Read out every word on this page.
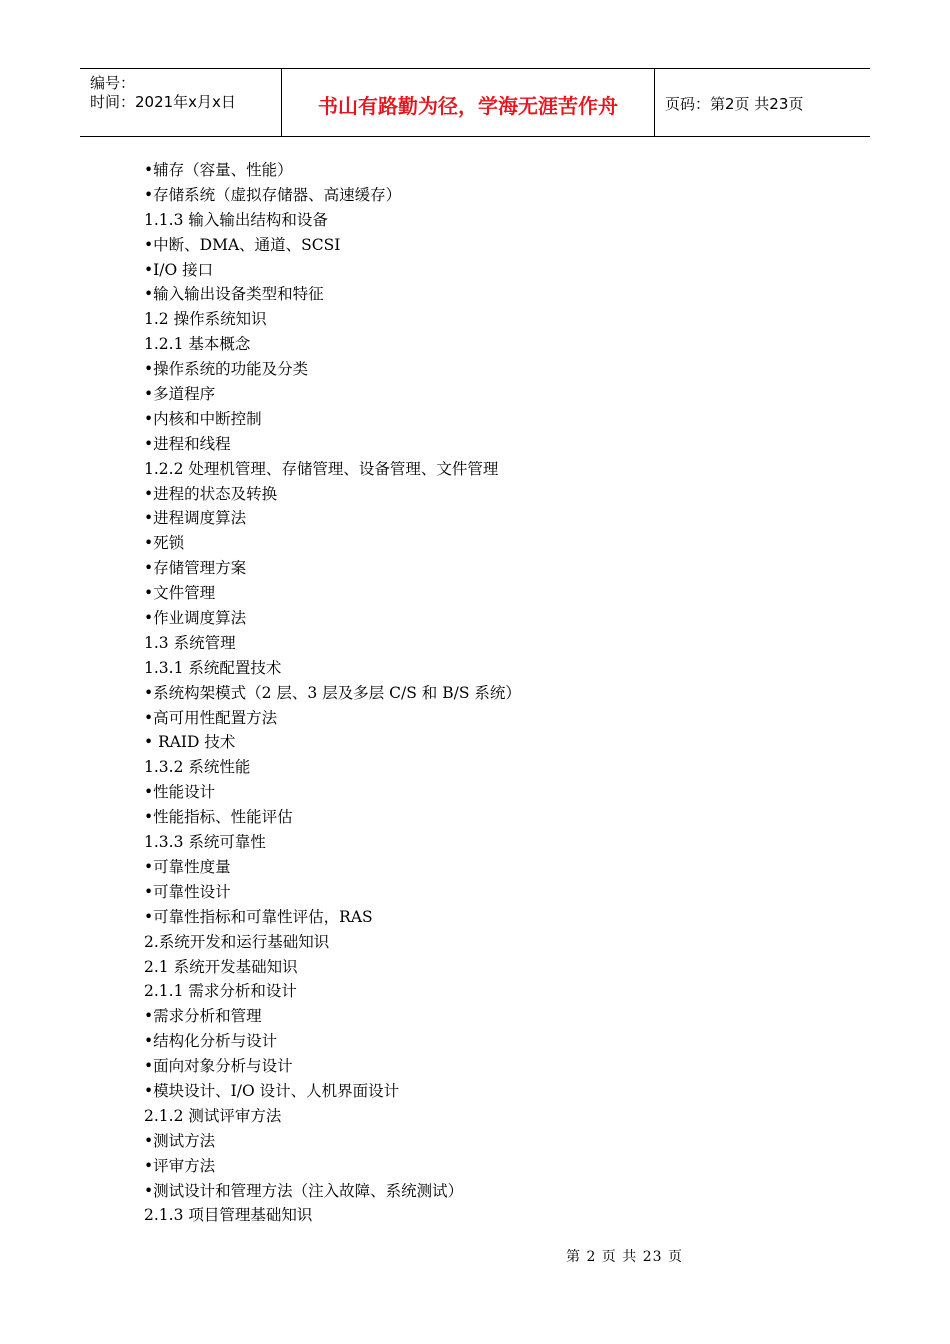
编号：
时间：2021年x月x日	书山有路勤为径，学海无涯苦作舟	页码：第2页 共23页
•辅存（容量、性能）
•存储系统（虚拟存储器、高速缓存）
1.1.3 输入输出结构和设备
•中断、DMA、通道、SCSI
•I/O 接口
•输入输出设备类型和特征
1.2 操作系统知识
1.2.1 基本概念
•操作系统的功能及分类
•多道程序
•内核和中断控制
•进程和线程
1.2.2 处理机管理、存储管理、设备管理、文件管理
•进程的状态及转换
•进程调度算法
•死锁
•存储管理方案
•文件管理
•作业调度算法
1.3 系统管理
1.3.1 系统配置技术
•系统构架模式（2 层、3 层及多层 C/S 和 B/S 系统）
•高可用性配置方法
• RAID 技术
1.3.2 系统性能
•性能设计
•性能指标、性能评估
1.3.3 系统可靠性
•可靠性度量
•可靠性设计
•可靠性指标和可靠性评估，RAS
2.系统开发和运行基础知识
2.1 系统开发基础知识
2.1.1 需求分析和设计
•需求分析和管理
•结构化分析与设计
•面向对象分析与设计
•模块设计、I/O 设计、人机界面设计
2.1.2 测试评审方法
•测试方法
•评审方法
•测试设计和管理方法（注入故障、系统测试）
2.1.3 项目管理基础知识
第 2 页 共 23 页
